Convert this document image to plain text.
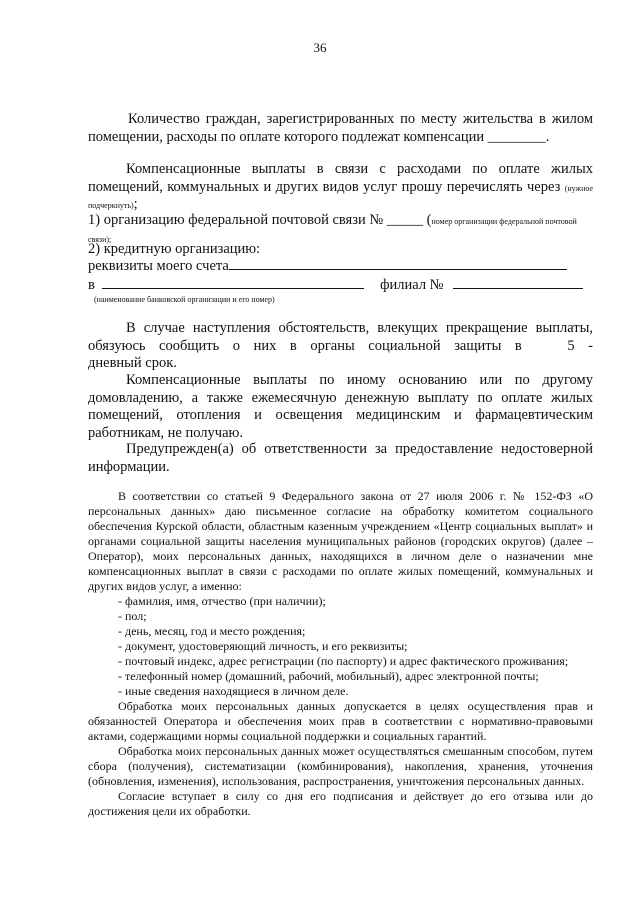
36
Количество граждан, зарегистрированных по месту жительства в жилом
помещении, расходы по оплате которого подлежат компенсации ________.
Компенсационные выплаты в связи с расходами по оплате жилых помещений, коммунальных и других видов услуг прошу перечислять через (нужное подчеркнуть);
1) организацию федеральной почтовой связи № _____ (номер организации федеральной почтовой связи);
2) кредитную организацию:
реквизиты моего счета
в	филиал №
(наименование банковской организации и его номер)
В случае наступления обстоятельств, влекущих прекращение выплаты, обязуюсь сообщить о них в органы социальной защиты в	5 -
дневный срок.
Компенсационные выплаты по иному основанию или по другому домовладению, а также ежемесячную денежную выплату по оплате жилых помещений, отопления и освещения медицинским и фармацевтическим работникам, не получаю.
Предупрежден(а) об ответственности за предоставление недостоверной информации.
В соответствии со статьей 9 Федерального закона от 27 июля 2006 г. № 152-ФЗ «О персональных данных» даю письменное согласие на обработку комитетом социального обеспечения Курской области, областным казенным учреждением «Центр социальных выплат» и органами социальной защиты населения муниципальных районов (городских округов) (далее – Оператор), моих персональных данных, находящихся в личном деле о назначении мне компенсационных выплат в связи с расходами по оплате жилых помещений, коммунальных и других видов услуг, а именно:
- фамилия, имя, отчество (при наличии);
- пол;
- день, месяц, год и место рождения;
- документ, удостоверяющий личность, и его реквизиты;
- почтовый индекс, адрес регистрации (по паспорту) и адрес фактического проживания;
- телефонный номер (домашний, рабочий, мобильный), адрес электронной почты;
- иные сведения находящиеся в личном деле.
Обработка моих персональных данных допускается в целях осуществления прав и обязанностей Оператора и обеспечения моих прав в соответствии с нормативно-правовыми актами, содержащими нормы социальной поддержки и социальных гарантий.
Обработка моих персональных данных может осуществляться смешанным способом, путем сбора (получения), систематизации (комбинирования), накопления, хранения, уточнения (обновления, изменения), использования, распространения, уничтожения персональных данных.
Согласие вступает в силу со дня его подписания и действует до его отзыва или до достижения цели их обработки.
